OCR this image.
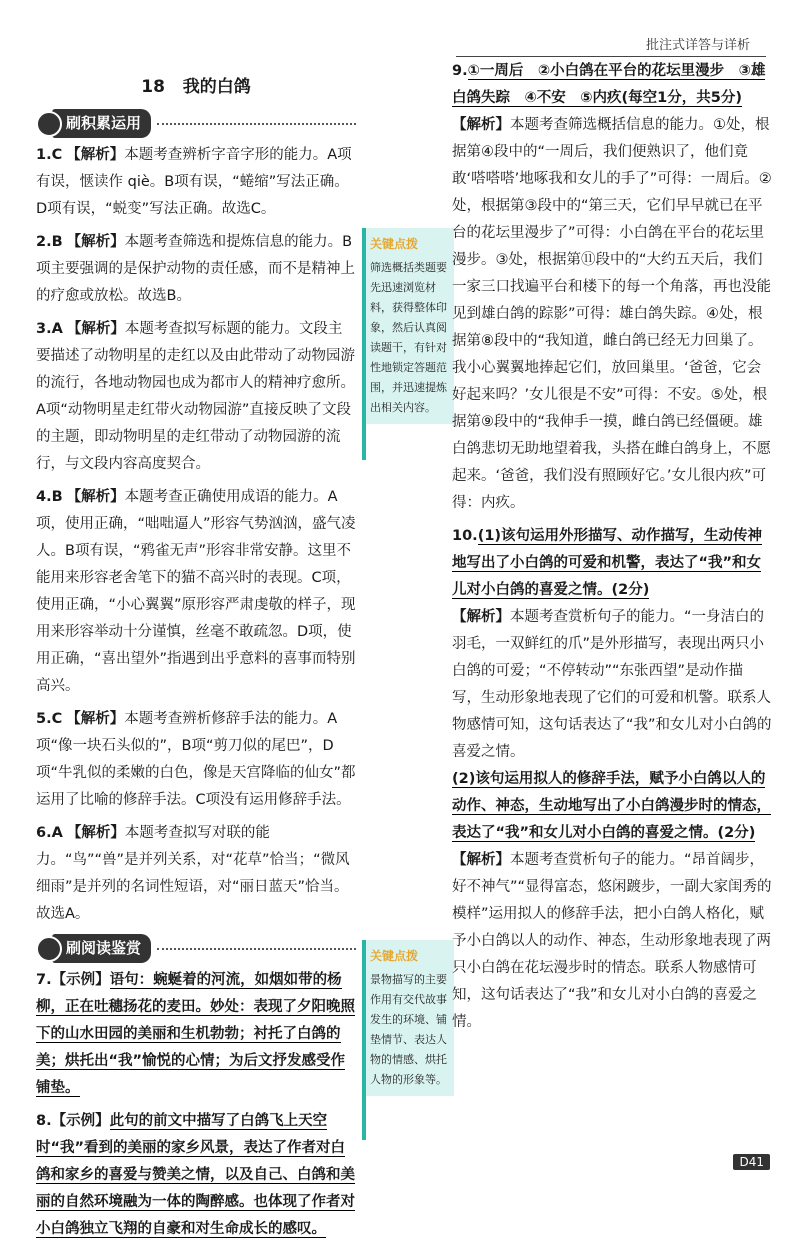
批注式详答与详析
18 我的白鸽
刷积累运用
1.C 【解析】本题考查辨析字音字形的能力。A项有误，惬读作 qiè。B项有误，“蜷缩”写法正确。D项有误，“蜕变”写法正确。故选C。
2.B 【解析】本题考查筛选和提炼信息的能力。B项主要强调的是保护动物的责任感，而不是精神上的疗愈或放松。故选B。
3.A 【解析】本题考查拟写标题的能力。文段主要描述了动物明星的走红以及由此带动了动物园游的流行，各地动物园也成为都市人的精神疗愈所。A项“动物明星走红带火动物园游”直接反映了文段的主题，即动物明星的走红带动了动物园游的流行，与文段内容高度契合。
4.B 【解析】本题考查正确使用成语的能力。A项，使用正确，“咄咄逼人”形容气势汹汹，盛气凌人。B项有误，“鸦雀无声”形容非常安静。这里不能用来形容老舍笔下的猫不高兴时的表现。C项，使用正确，“小心翼翼”原形容严肃虔敬的样子，现用来形容举动十分谨慎，丝毫不敢疏忽。D项，使用正确，“喜出望外”指遇到出乎意料的喜事而特别高兴。
5.C 【解析】本题考查辨析修辞手法的能力。A项“像一块石头似的”，B项“剪刀似的尾巴”，D项“牛乳似的柔嫩的白色，像是天宫降临的仙女”都运用了比喻的修辞手法。C项没有运用修辞手法。
6.A 【解析】本题考查拟写对联的能力。“鸟”“兽”是并列关系，对“花草”恰当；“微风细雨”是并列的名词性短语，对“丽日蓝天”恰当。故选A。
刷阅读鉴赏
7.【示例】语句：蜿蜒着的河流，如烟如带的杨柳，正在吐穗扬花的麦田。妙处：表现了夕阳晚照下的山水田园的美丽和生机勃勃；衬托了白鸽的美；烘托出“我”愉悦的心情；为后文抒发感受作铺垫。
8.【示例】此句的前文中描写了白鸽飞上天空时“我”看到的美丽的家乡风景，表达了作者对白鸽和家乡的喜爱与赞美之情，以及自己、白鸽和美丽的自然环境融为一体的陶醉感。也体现了作者对小白鸽独立飞翔的自豪和对生命成长的感叹。
关键点拨
筛选概括类题要先迅速浏览材料，获得整体印象，然后认真阅读题干，有针对性地锁定答题范围，并迅速提炼出相关内容。
关键点拨
景物描写的主要作用有交代故事发生的环境、铺垫情节、表达人物的情感、烘托人物的形象等。
9.①一周后　②小白鸽在平台的花坛里漫步　③雄白鸽失踪　④不安　⑤内疚(每空1分，共5分)
【解析】本题考查筛选概括信息的能力。①处，根据第④段中的“一周后，我们便熟识了，他们竟敢‘嗒嗒嗒’地啄我和女儿的手了”可得：一周后。②处，根据第③段中的“第三天，它们早早就已在平台的花坛里漫步了”可得：小白鸽在平台的花坛里漫步。③处，根据第⑪段中的“大约五天后，我们一家三口找遍平台和楼下的每一个角落，再也没能见到雄白鸽的踪影”可得：雄白鸽失踪。④处，根据第⑧段中的“我知道，雌白鸽已经无力回巢了。我小心翼翼地捧起它们，放回巢里。‘爸爸，它会好起来吗？’女儿很是不安”可得：不安。⑤处，根据第⑨段中的“我伸手一摸，雌白鸽已经僵硬。雄白鸽悲切无助地望着我，头搭在雌白鸽身上，不愿起来。‘爸爸，我们没有照顾好它。’女儿很内疚”可得：内疚。
10.(1)该句运用外形描写、动作描写，生动传神地写出了小白鸽的可爱和机警，表达了“我”和女儿对小白鸽的喜爱之情。(2分)
【解析】本题考查赏析句子的能力。“一身洁白的羽毛，一双鲜红的爪”是外形描写，表现出两只小白鸽的可爱；“不停转动”“东张西望”是动作描写，生动形象地表现了它们的可爱和机警。联系人物感情可知，这句话表达了“我”和女儿对小白鸽的喜爱之情。
(2)该句运用拟人的修辞手法，赋予小白鸽以人的动作、神态，生动地写出了小白鸽漫步时的情态，表达了“我”和女儿对小白鸽的喜爱之情。(2分)
【解析】本题考查赏析句子的能力。“昂首阔步，好不神气”“显得富态，悠闲踱步，一副大家闺秀的模样”运用拟人的修辞手法，把小白鸽人格化，赋予小白鸽以人的动作、神态，生动形象地表现了两只小白鸽在花坛漫步时的情态。联系人物感情可知，这句话表达了“我”和女儿对小白鸽的喜爱之情。
D41
